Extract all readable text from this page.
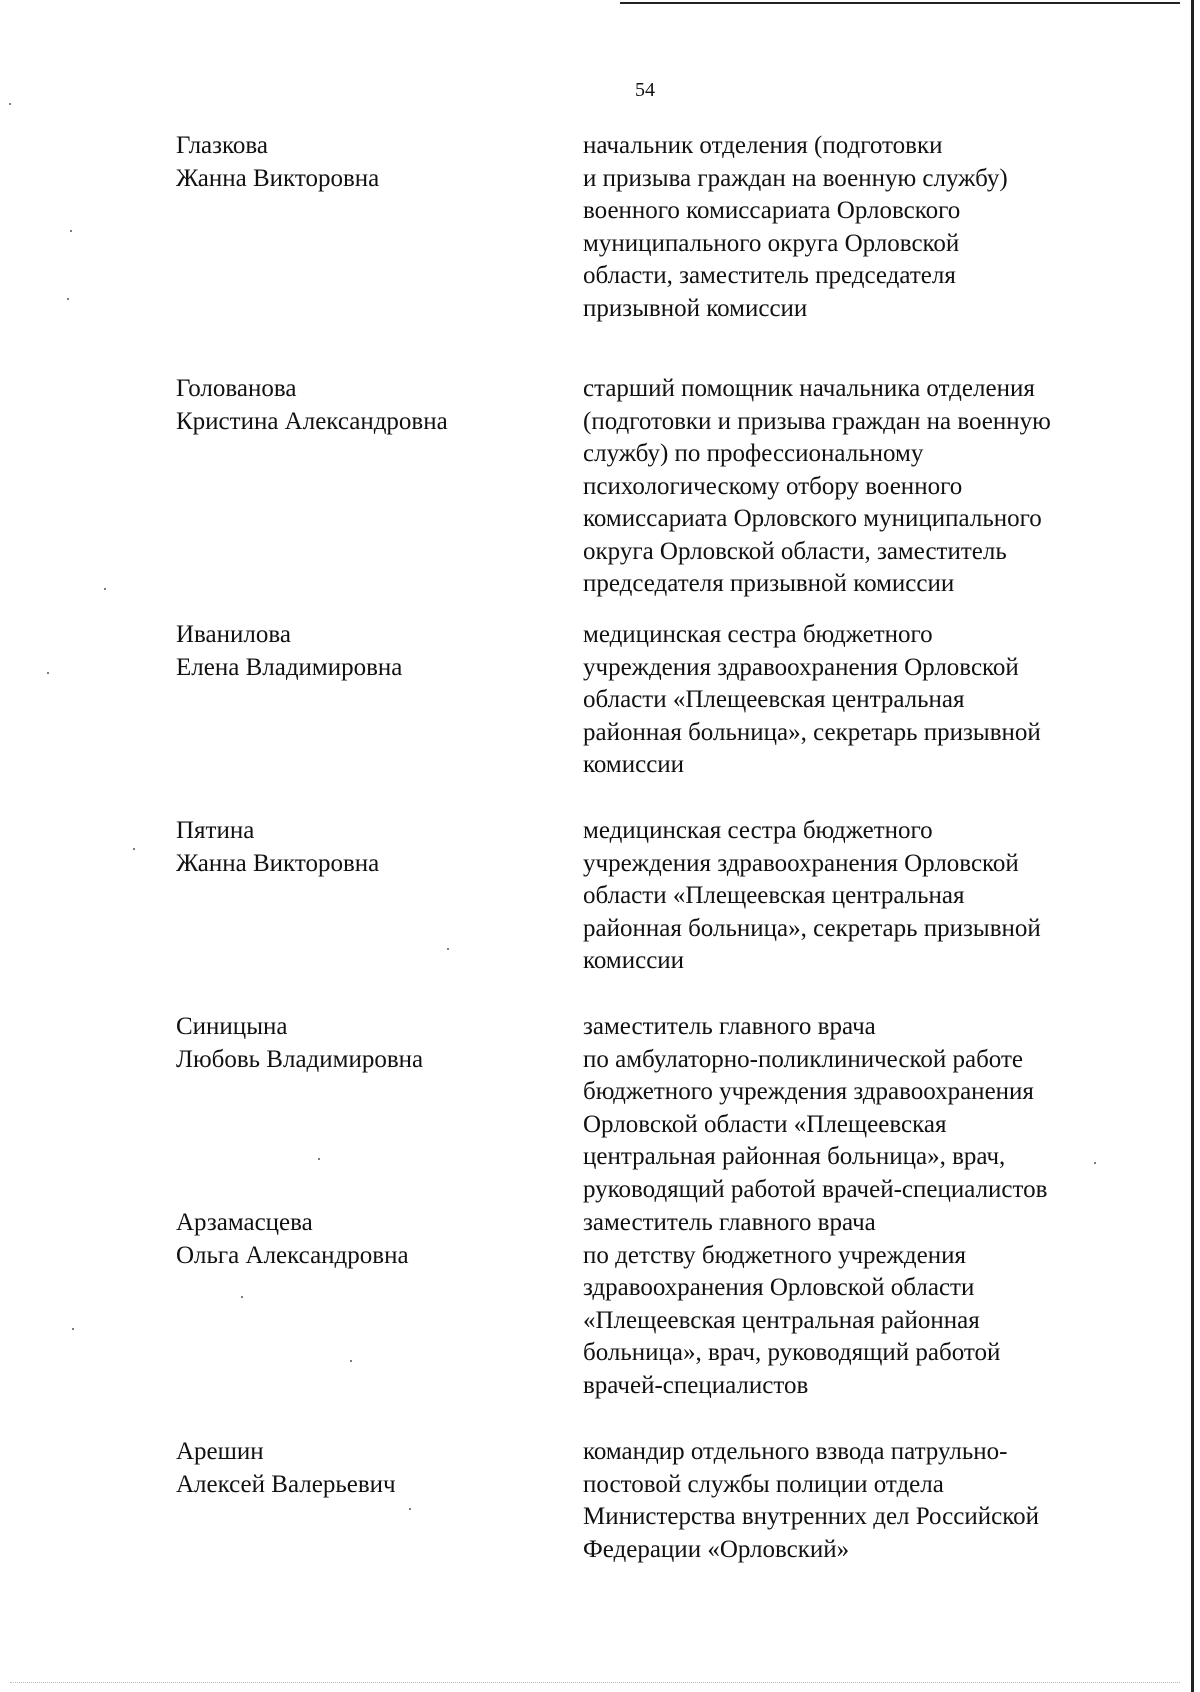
54
Глазкова
Жанна Викторовна
начальник отделения (подготовки
и призыва граждан на военную службу)
военного комиссариата Орловского
муниципального округа Орловской
области, заместитель председателя
призывной комиссии
Голованова
Кристина Александровна
старший помощник начальника отделения
(подготовки и призыва граждан на военную
службу) по профессиональному
психологическому отбору военного
комиссариата Орловского муниципального
округа Орловской области, заместитель
председателя призывной комиссии
Иванилова
Елена Владимировна
медицинская сестра бюджетного
учреждения здравоохранения Орловской
области «Плещеевская центральная
районная больница», секретарь призывной
комиссии
Пятина
Жанна Викторовна
медицинская сестра бюджетного
учреждения здравоохранения Орловской
области «Плещеевская центральная
районная больница», секретарь призывной
комиссии
Синицына
Любовь Владимировна
заместитель главного врача
по амбулаторно-поликлинической работе
бюджетного учреждения здравоохранения
Орловской области «Плещеевская
центральная районная больница», врач,
руководящий работой врачей-специалистов
Арзамасцева
Ольга Александровна
заместитель главного врача
по детству бюджетного учреждения
здравоохранения Орловской области
«Плещеевская центральная районная
больница», врач, руководящий работой
врачей-специалистов
Арешин
Алексей Валерьевич
командир отдельного взвода патрульно-
постовой службы полиции отдела
Министерства внутренних дел Российской
Федерации «Орловский»
